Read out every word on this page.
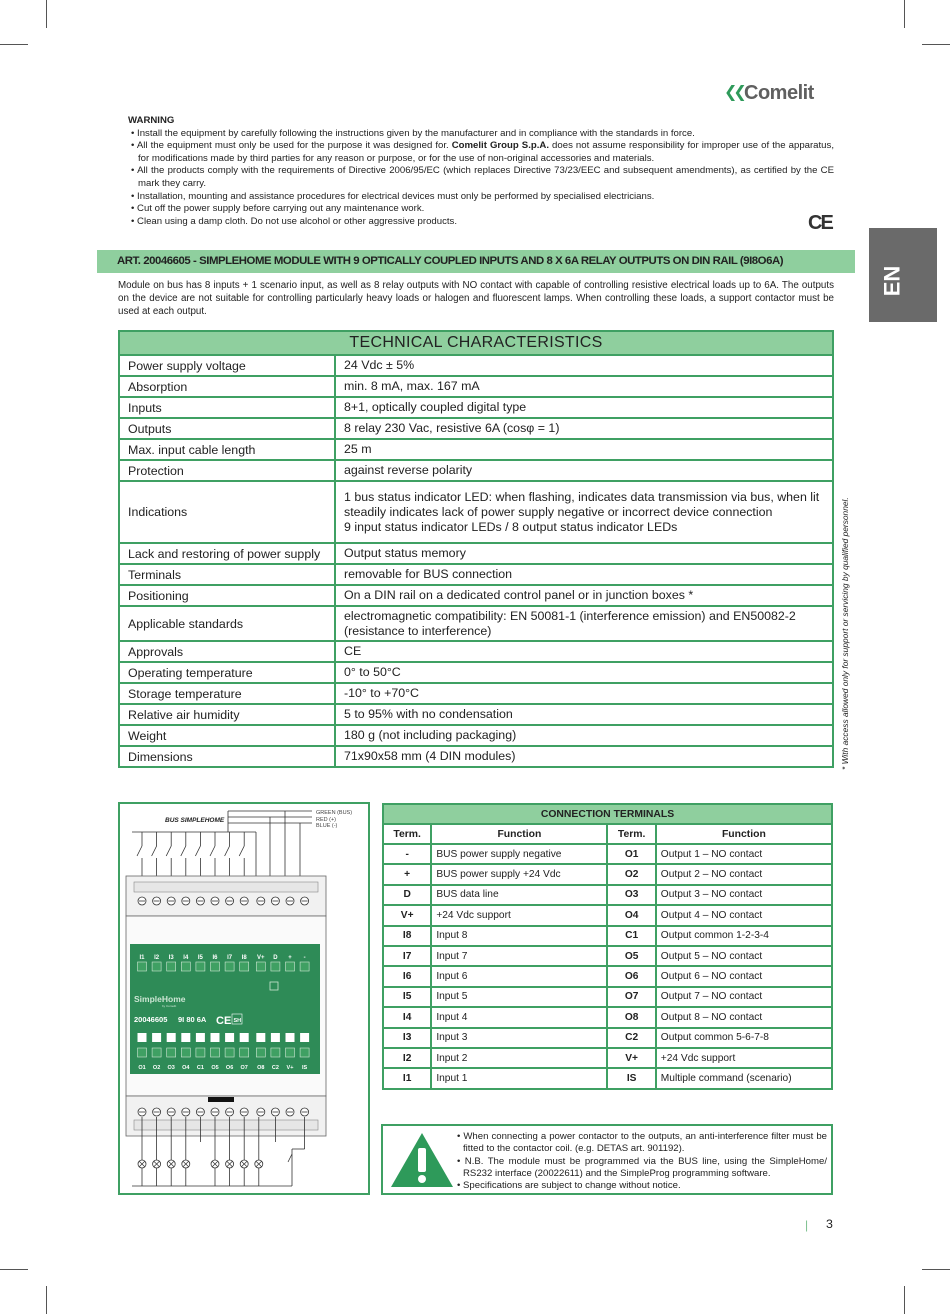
❮❮ Comelit
WARNING
• Install the equipment by carefully following the instructions given by the manufacturer and in compliance with the standards in force.
• All the equipment must only be used for the purpose it was designed for. Comelit Group S.p.A. does not assume responsibility for improper use of the apparatus, for modifications made by third parties for any reason or purpose, or for the use of non-original accessories and materials.
• All the products comply with the requirements of Directive 2006/95/EC (which replaces Directive 73/23/EEC and subsequent amendments), as certified by the CE mark they carry.
• Installation, mounting and assistance procedures for electrical devices must only be performed by specialised electricians.
• Cut off the power supply before carrying out any maintenance work.
• Clean using a damp cloth. Do not use alcohol or other aggressive products.	CE
EN
ART. 20046605 - SIMPLEHOME MODULE WITH 9 OPTICALLY COUPLED INPUTS AND 8 X 6A RELAY OUTPUTS ON DIN RAIL (9I8O6A)
Module on bus has 8 inputs + 1 scenario input, as well as 8 relay outputs with NO contact with capable of controlling resistive electrical loads up to 6A. The outputs on the device are not suitable for controlling particularly heavy loads or halogen and fluorescent lamps. When controlling these loads, a support contactor must be used at each output.
* With access allowed only for support or servicing by qualified personnel.
TECHNICAL CHARACTERISTICS	
Power supply voltage	24 Vdc ± 5%
Absorption	min. 8 mA, max. 167 mA
Inputs	8+1, optically coupled digital type
Outputs	8 relay 230 Vac, resistive 6A (cosφ = 1)
Max. input cable length	25 m
Protection	against reverse polarity
Indications	1 bus status indicator LED: when flashing, indicates data transmission via bus, when lit steadily indicates lack of power supply negative or incorrect device connection
9 input status indicator LEDs / 8 output status indicator LEDs
Lack and restoring of power supply	Output status memory
Terminals	removable for BUS connection
Positioning	On a DIN rail on a dedicated control panel or in junction boxes *
Applicable standards	electromagnetic compatibility: EN 50081-1 (interference emission) and EN50082-2 (resistance to interference)
Approvals	CE
Operating temperature	0° to 50°C
Storage temperature	-10° to +70°C
Relative air humidity	5 to 95% with no condensation
Weight	180 g (not including packaging)
Dimensions	71x90x58 mm (4 DIN modules)
BUS SIMPLEHOME
I1 I2 I3 I4 I5 I6 I7 I8 V+ D + -
SimpleHome
by Comelit
20046605 9I 80 6A CE SH
O1 O2 O3 O4 C1 O5 O6 O7 O8 C2 V+ IS
GREEN (BUS)
RED (+)
BLUE (-)
CONNECTION TERMINALS			
Term.	Function	Term.	Function
-	BUS power supply negative	O1	Output 1 – NO contact
+	BUS power supply +24 Vdc	O2	Output 2 – NO contact
D	BUS data line	O3	Output 3 – NO contact
V+	+24 Vdc support	O4	Output 4 – NO contact
I8	Input 8	C1	Output common 1-2-3-4
I7	Input 7	O5	Output 5 – NO contact
I6	Input 6	O6	Output 6 – NO contact
I5	Input 5	O7	Output 7 – NO contact
I4	Input 4	O8	Output 8 – NO contact
I3	Input 3	C2	Output common 5-6-7-8
I2	Input 2	V+	+24 Vdc support
I1	Input 1	IS	Multiple command (scenario)
• When connecting a power contactor to the outputs, an anti-interference filter must be fitted to the contactor coil. (e.g. DETAS art. 901192).
• N.B. The module must be programmed via the BUS line, using the SimpleHome/ RS232 interface (20022611) and the SimpleProg programming software.
• Specifications are subject to change without notice.
| 3
